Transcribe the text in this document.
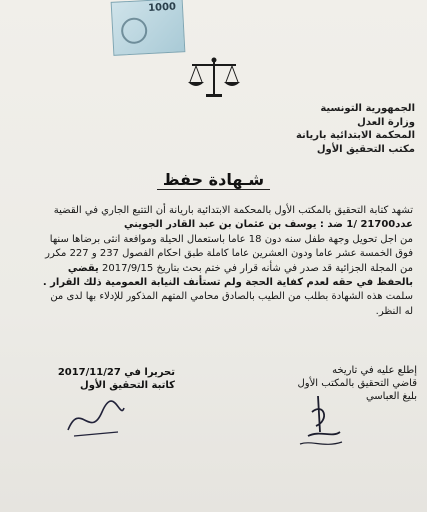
1000
الجمهورية التونسية
وزارة العدل
المحكمة الابتدائية باريانة
مكتب التحقيق الأول
شـهادة حفظ

تشهد كتابة التحقيق بالمكتب الأول بالمحكمة الابتدائية باريانة أن التتبع الجاري في القضية

عدد21700 /1 ضد : يوسف بن عثمان بن عبد القادر الجويني

من اجل تحويل وجهة طفل سنه دون 18 عاما باستعمال الحيلة وموافعة انثى برضاها سنها

فوق الخمسة عشر عاما ودون العشرين عاما كاملة طبق احكام الفصول 237 و 227 مكرر

من المجلة الجزائية قد صدر في شأنه قرار في ختم بحث بتاريخ 2017/9/15 يقضي

بالحفظ في حقه لعدم كفاية الحجة ولم تستأنف النيابة العمومية ذلك القرار .

سلمت هذه الشهادة بطلب من الطيب بالصادق محامي المتهم المذكور للإدلاء بها لدى من

له النظر.

تحريرا في 2017/11/27
كاتبة التحقيق الأول
إطلع عليه في تاريخه
قاضي التحقيق بالمكتب الأول
بليغ العباسي
